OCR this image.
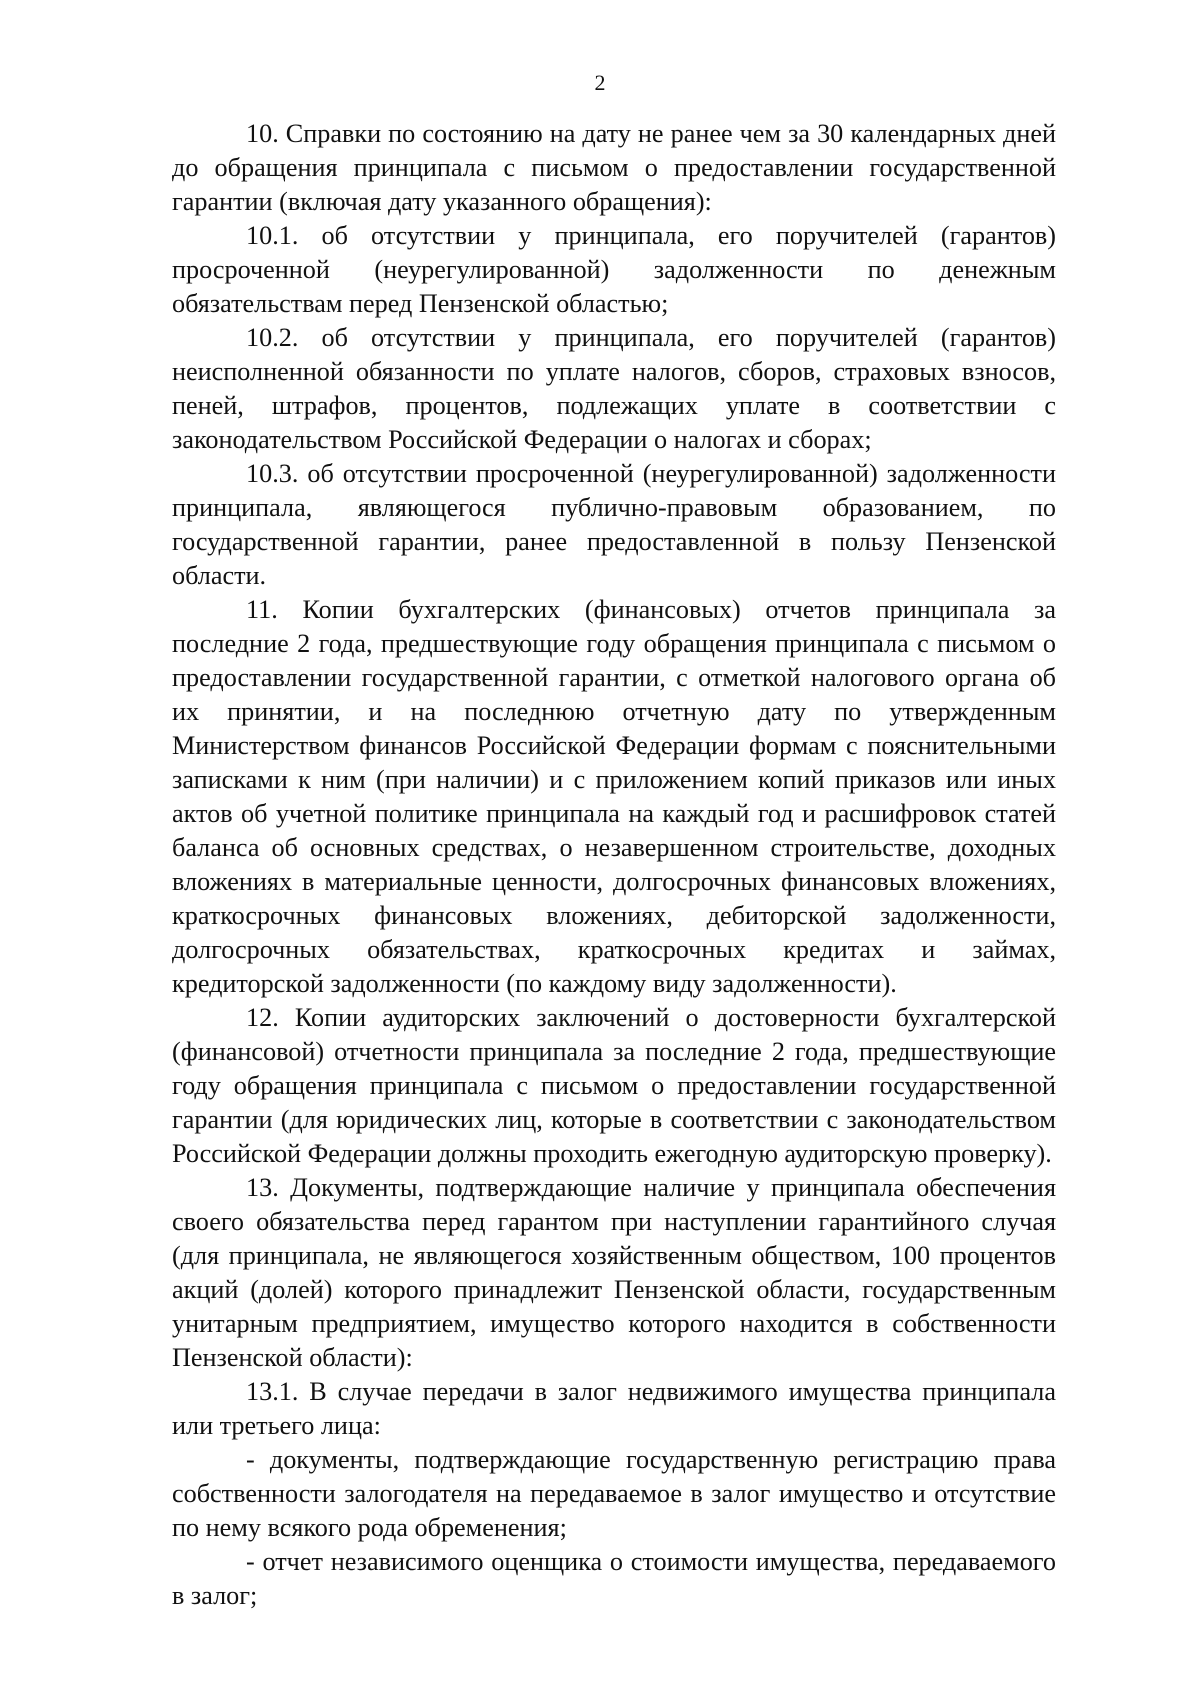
2

10. Справки по состоянию на дату не ранее чем за 30 календарных дней до обращения принципала с письмом о предоставлении государственной гарантии (включая дату указанного обращения):

10.1. об отсутствии у принципала, его поручителей (гарантов) просроченной (неурегулированной) задолженности по денежным обязательствам перед Пензенской областью;

10.2. об отсутствии у принципала, его поручителей (гарантов) неисполненной обязанности по уплате налогов, сборов, страховых взносов, пеней, штрафов, процентов, подлежащих уплате в соответствии с законодательством Российской Федерации о налогах и сборах;

10.3. об отсутствии просроченной (неурегулированной) задолженности принципала, являющегося публично-правовым образованием, по государственной гарантии, ранее предоставленной в пользу Пензенской области.

11. Копии бухгалтерских (финансовых) отчетов принципала за последние 2 года, предшествующие году обращения принципала с письмом о предоставлении государственной гарантии, с отметкой налогового органа об их принятии, и на последнюю отчетную дату по утвержденным Министерством финансов Российской Федерации формам с пояснительными записками к ним (при наличии) и с приложением копий приказов или иных актов об учетной политике принципала на каждый год и расшифровок статей баланса об основных средствах, о незавершенном строительстве, доходных вложениях в материальные ценности, долгосрочных финансовых вложениях, краткосрочных финансовых вложениях, дебиторской задолженности, долгосрочных обязательствах, краткосрочных кредитах и займах, кредиторской задолженности (по каждому виду задолженности).

12. Копии аудиторских заключений о достоверности бухгалтерской (финансовой) отчетности принципала за последние 2 года, предшествующие году обращения принципала с письмом о предоставлении государственной гарантии (для юридических лиц, которые в соответствии с законодательством Российской Федерации должны проходить ежегодную аудиторскую проверку).

13. Документы, подтверждающие наличие у принципала обеспечения своего обязательства перед гарантом при наступлении гарантийного случая (для принципала, не являющегося хозяйственным обществом, 100 процентов акций (долей) которого принадлежит Пензенской области, государственным унитарным предприятием, имущество которого находится в собственности Пензенской области):

13.1. В случае передачи в залог недвижимого имущества принципала или третьего лица:

- документы, подтверждающие государственную регистрацию права собственности залогодателя на передаваемое в залог имущество и отсутствие по нему всякого рода обременения;

- отчет независимого оценщика о стоимости имущества, передаваемого в залог;
